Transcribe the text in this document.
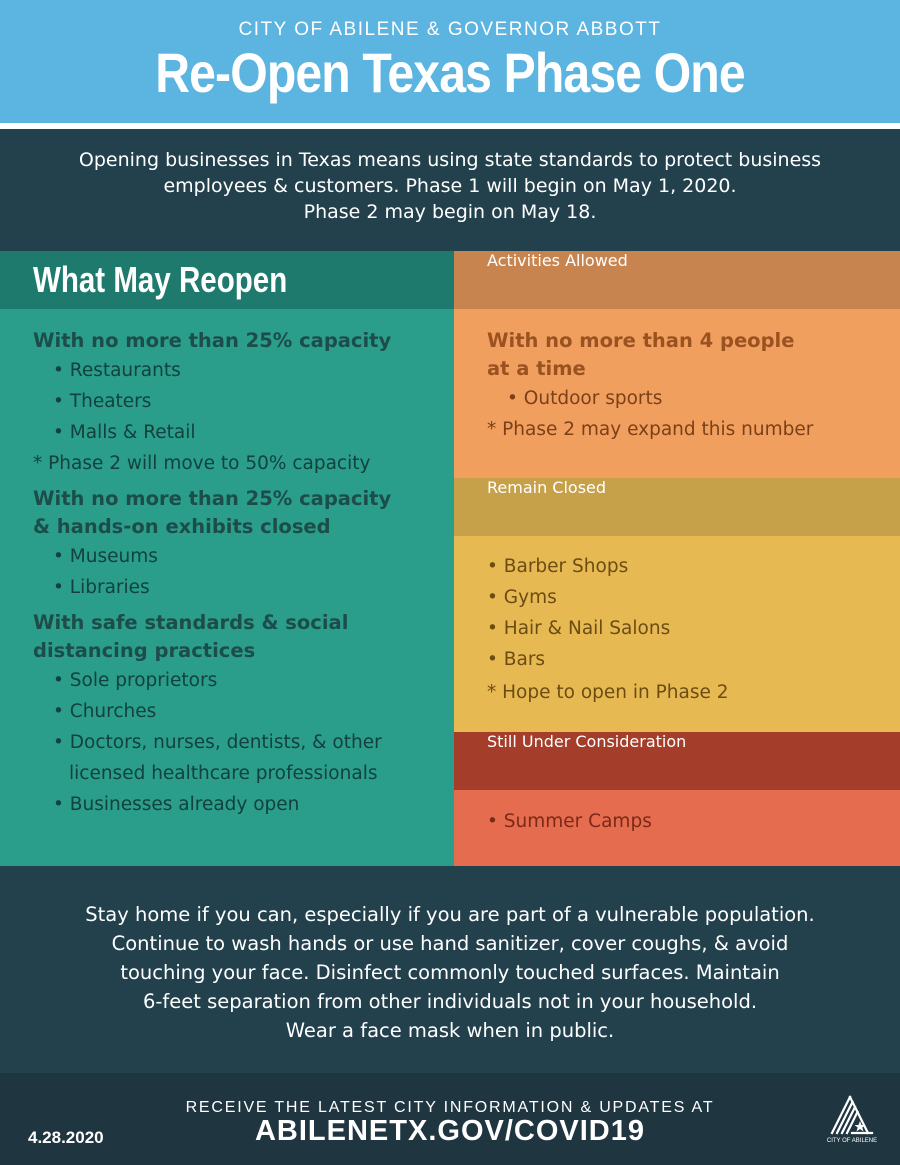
CITY OF ABILENE & GOVERNOR ABBOTT
Re-Open Texas Phase One

Opening businesses in Texas means using state standards to protect business

employees & customers. Phase 1 will begin on May 1, 2020.

Phase 2 may begin on May 18.

What May Reopen
With no more than 25% capacity
• Restaurants
• Theaters
• Malls & Retail
* Phase 2 will move to 50% capacity
With no more than 25% capacity
& hands-on exhibits closed
• Museums
• Libraries
With safe standards & social
distancing practices
• Sole proprietors
• Churches
• Doctors, nurses, dentists, & other
licensed healthcare professionals
• Businesses already open
Activities Allowed
With no more than 4 people
at a time
• Outdoor sports
* Phase 2 may expand this number
Remain Closed
• Barber Shops
• Gyms
• Hair & Nail Salons
• Bars
* Hope to open in Phase 2
Still Under Consideration
• Summer Camps

Stay home if you can, especially if you are part of a vulnerable population.

Continue to wash hands or use hand sanitizer, cover coughs, & avoid

touching your face. Disinfect commonly touched surfaces. Maintain

6-feet separation from other individuals not in your household.

Wear a face mask when in public.

4.28.2020
RECEIVE THE LATEST CITY INFORMATION & UPDATES AT
ABILENETX.GOV/COVID19	CITY OF ABILENE
